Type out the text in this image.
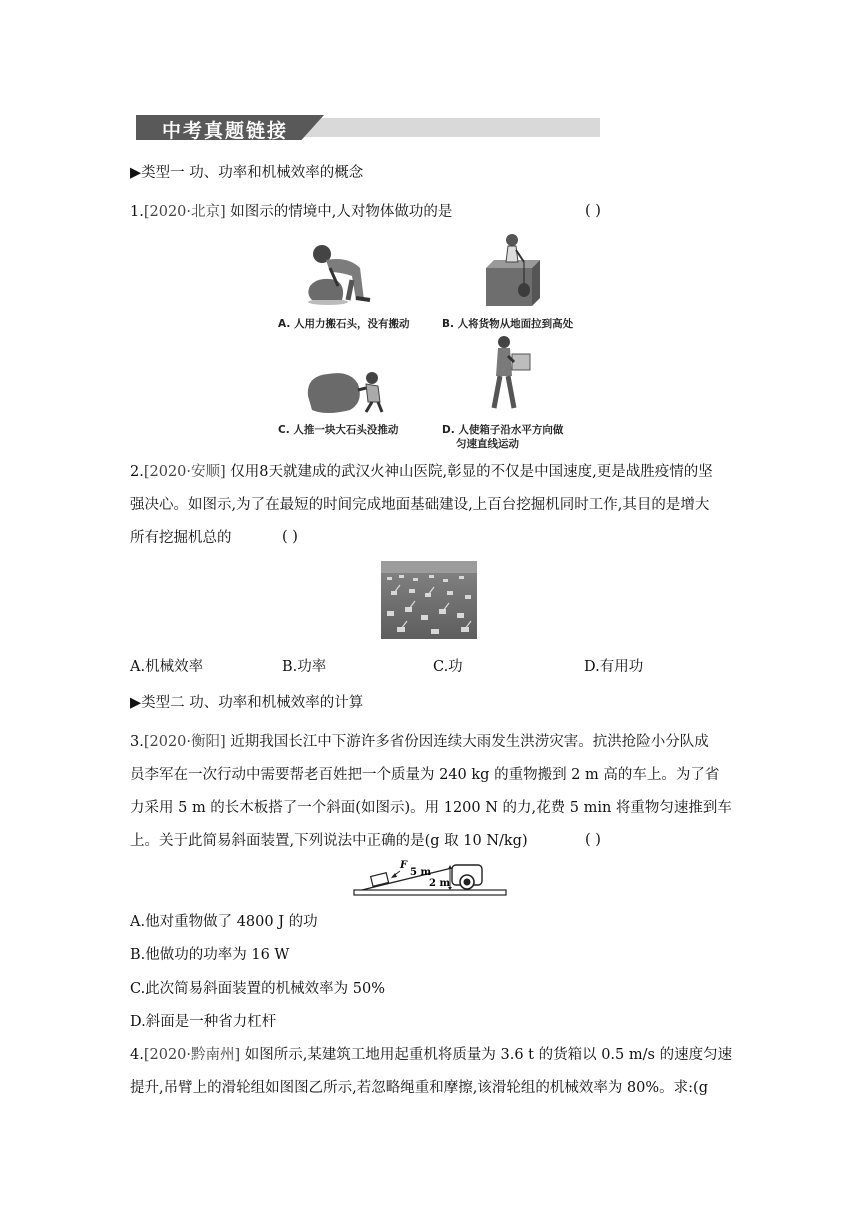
中考真题链接
▶类型一 功、功率和机械效率的概念
1.[2020·北京] 如图示的情境中,人对物体做功的是	( )
A. 人用力搬石头，没有搬动	B. 人将货物从地面拉到高处
C. 人推一块大石头没推动	D. 人使箱子沿水平方向做
匀速直线运动
2.[2020·安顺] 仅用8天就建成的武汉火神山医院,彰显的不仅是中国速度,更是战胜疫情的坚
强决心。如图示,为了在最短的时间完成地面基础建设,上百台挖掘机同时工作,其目的是增大
所有挖掘机总的	( )
A.机械效率	B.功率	C.功	D.有用功
▶类型二 功、功率和机械效率的计算
3.[2020·衡阳] 近期我国长江中下游许多省份因连续大雨发生洪涝灾害。抗洪抢险小分队成
员李军在一次行动中需要帮老百姓把一个质量为 240 kg 的重物搬到 2 m 高的车上。为了省
力采用 5 m 的长木板搭了一个斜面(如图示)。用 1200 N 的力,花费 5 min 将重物匀速推到车
上。关于此简易斜面装置,下列说法中正确的是(g 取 10 N/kg)	( )
F
5 m
2 m
A.他对重物做了 4800 J 的功
B.他做功的功率为 16 W
C.此次简易斜面装置的机械效率为 50%
D.斜面是一种省力杠杆
4.[2020·黔南州] 如图所示,某建筑工地用起重机将质量为 3.6 t 的货箱以 0.5 m/s 的速度匀速
提升,吊臂上的滑轮组如图图乙所示,若忽略绳重和摩擦,该滑轮组的机械效率为 80%。求:(g
